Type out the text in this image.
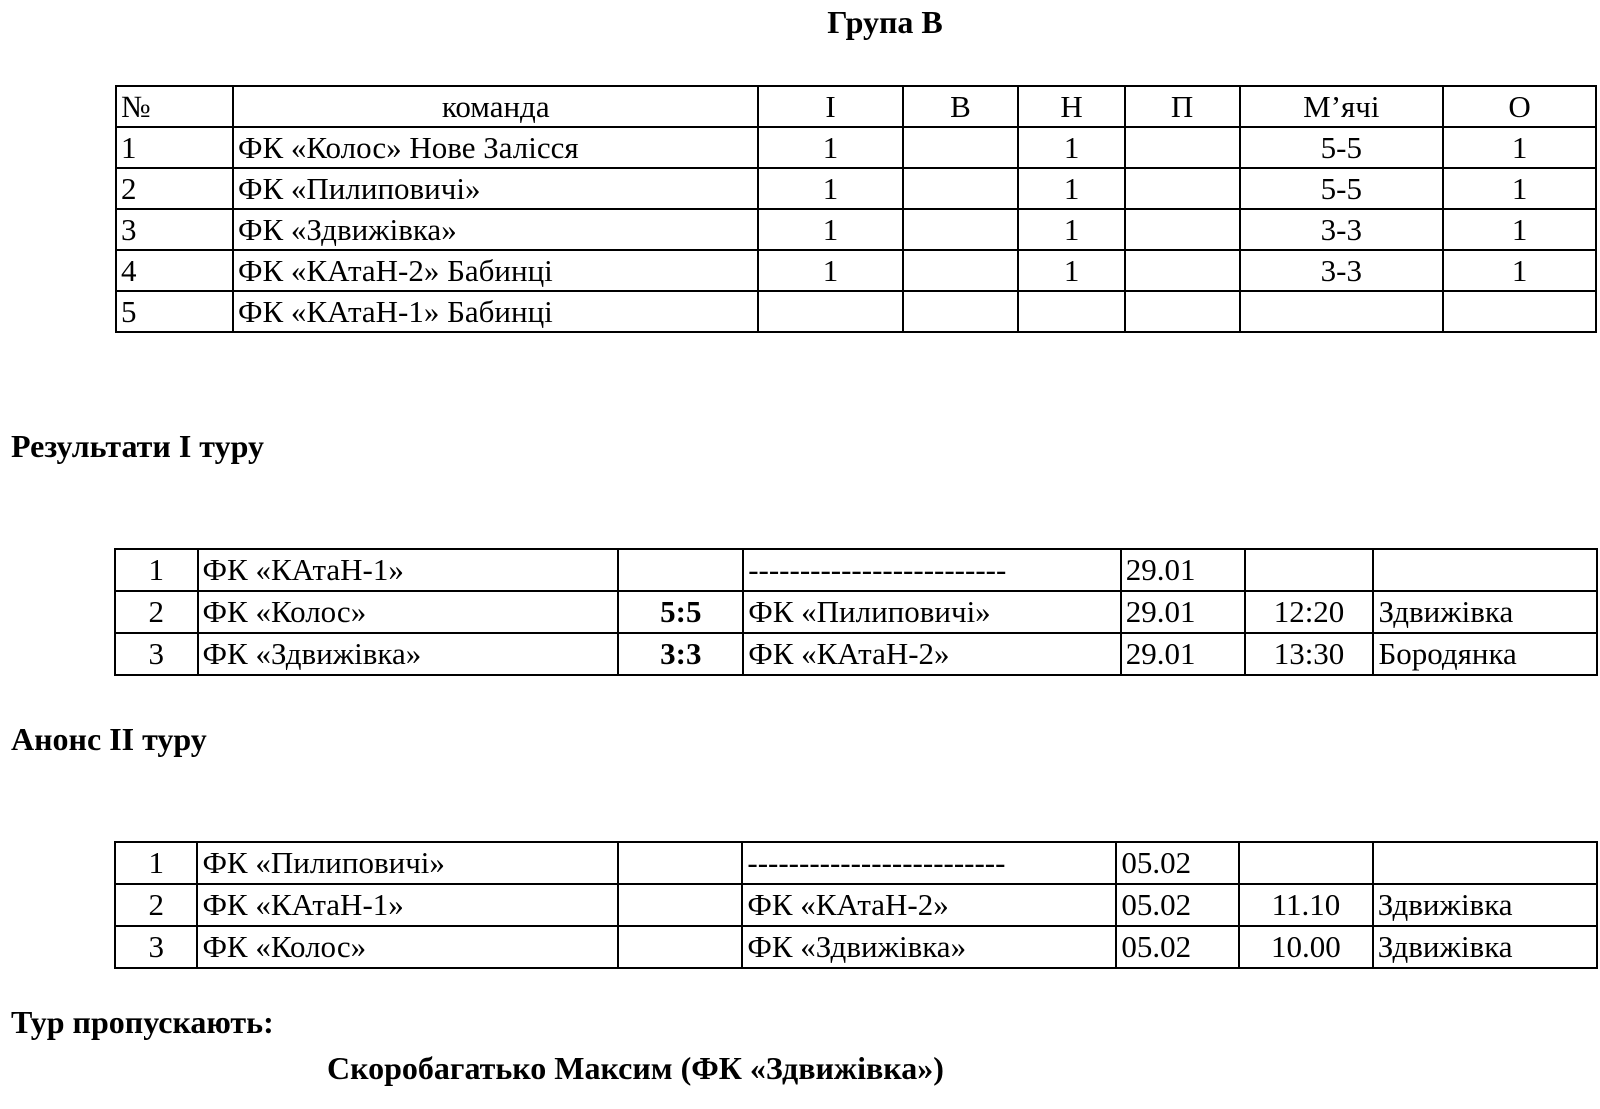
Група В
№	команда	І	В	Н	П	М’ячі	О
1	ФК «Колос» Нове Залісся	1		1		5-5	1
2	ФК «Пилиповичі»	1		1		5-5	1
3	ФК «Здвижівка»	1		1		3-3	1
4	ФК «КАтаН-2» Бабинці	1		1		3-3	1
5	ФК «КАтаН-1» Бабинці						
Результати І туру
1	ФК «КАтаН-1»		-------------------------	29.01		
2	ФК «Колос»	5:5	ФК «Пилиповичі»	29.01	12:20	Здвижівка
3	ФК «Здвижівка»	3:3	ФК «КАтаН-2»	29.01	13:30	Бородянка
Анонс ІІ туру
1	ФК «Пилиповичі»		-------------------------	05.02		
2	ФК «КАтаН-1»		ФК «КАтаН-2»	05.02	11.10	Здвижівка
3	ФК «Колос»		ФК «Здвижівка»	05.02	10.00	Здвижівка
Тур пропускають:
Скоробагатько Максим (ФК «Здвижівка»)
